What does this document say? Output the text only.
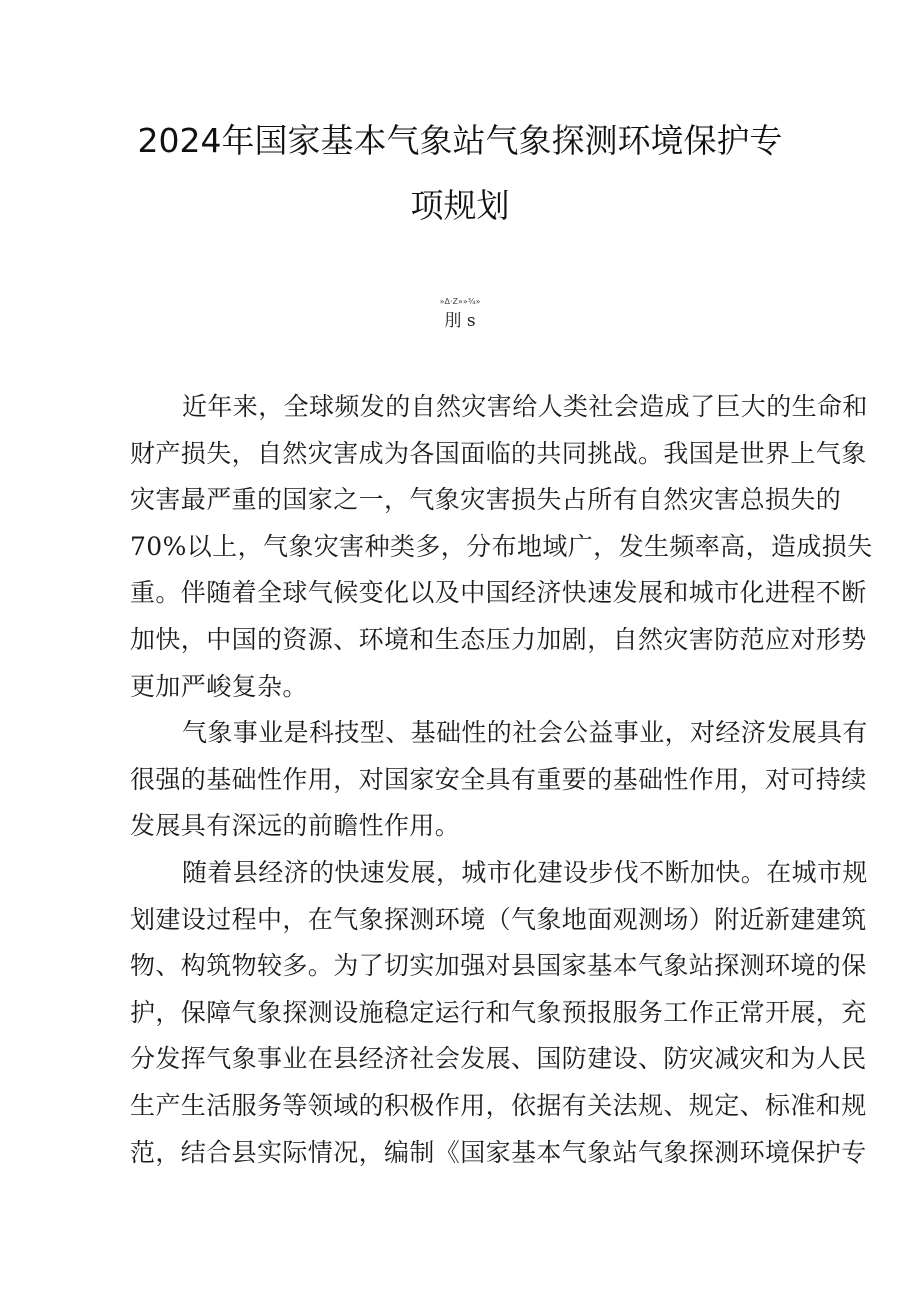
2024年国家基本气象站气象探测环境保护专
项规划
»Δ·Z»»¾»
刖 s
近年来，全球频发的自然灾害给人类社会造成了巨大的生命和
财产损失，自然灾害成为各国面临的共同挑战。我国是世界上气象
灾害最严重的国家之一，气象灾害损失占所有自然灾害总损失的
70%以上，气象灾害种类多，分布地域广，发生频率高，造成损失
重。伴随着全球气候变化以及中国经济快速发展和城市化进程不断
加快，中国的资源、环境和生态压力加剧，自然灾害防范应对形势
更加严峻复杂。
气象事业是科技型、基础性的社会公益事业，对经济发展具有
很强的基础性作用，对国家安全具有重要的基础性作用，对可持续
发展具有深远的前瞻性作用。
随着县经济的快速发展，城市化建设步伐不断加快。在城市规
划建设过程中，在气象探测环境（气象地面观测场）附近新建建筑
物、构筑物较多。为了切实加强对县国家基本气象站探测环境的保
护，保障气象探测设施稳定运行和气象预报服务工作正常开展，充
分发挥气象事业在县经济社会发展、国防建设、防灾减灾和为人民
生产生活服务等领域的积极作用，依据有关法规、规定、标准和规
范，结合县实际情况，编制《国家基本气象站气象探测环境保护专
